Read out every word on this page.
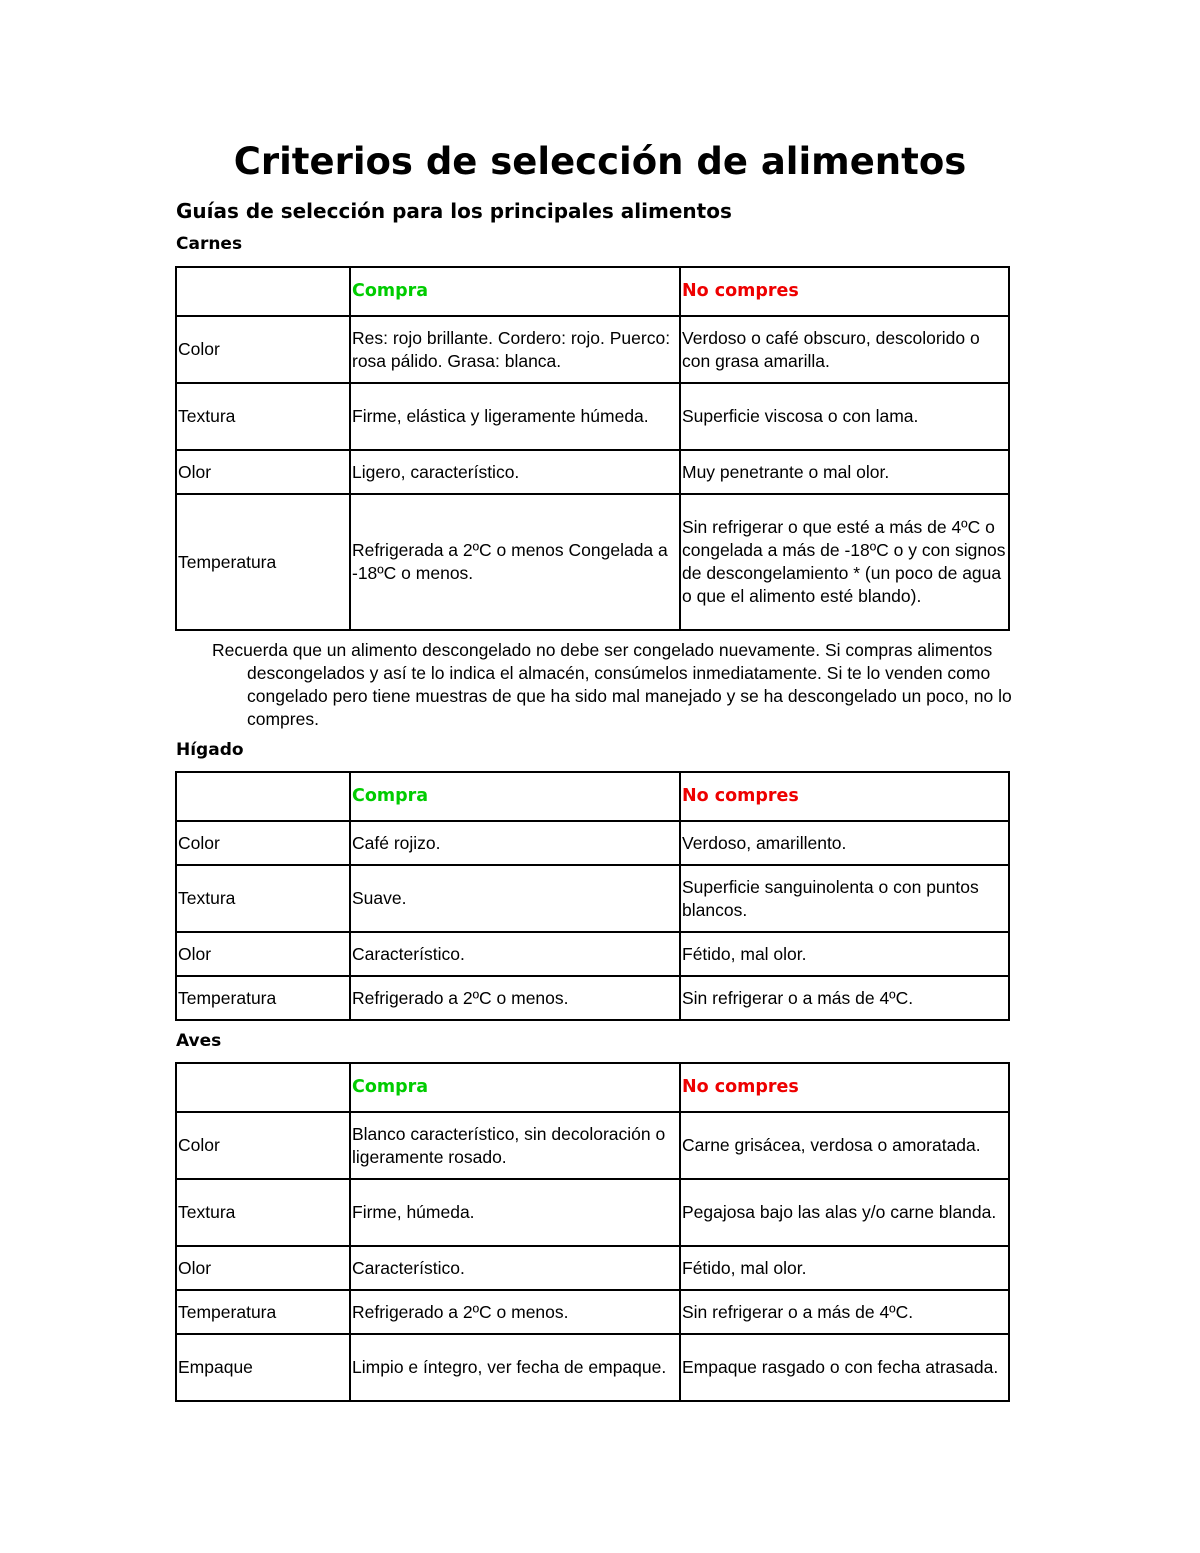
Criterios de selección de alimentos
Guías de selección para los principales alimentos
Carnes
	Compra	No compres
Color	Res: rojo brillante. Cordero: rojo. Puerco: rosa pálido. Grasa: blanca.	Verdoso o café obscuro, descolorido o con grasa amarilla.
Textura	Firme, elástica y ligeramente húmeda.	Superficie viscosa o con lama.
Olor	Ligero, característico.	Muy penetrante o mal olor.
Temperatura	Refrigerada a 2ºC o menos Congelada a -18ºC o menos.	Sin refrigerar o que esté a más de 4ºC o congelada a más de -18ºC o y con signos de descongelamiento * (un poco de agua o que el alimento esté blando).

Recuerda que un alimento descongelado no debe ser congelado nuevamente. Si compras alimentos descongelados y así te lo indica el almacén, consúmelos inmediatamente. Si te lo venden como congelado pero tiene muestras de que ha sido mal manejado y se ha descongelado un poco, no lo compres.

Hígado
	Compra	No compres
Color	Café rojizo.	Verdoso, amarillento.
Textura	Suave.	Superficie sanguinolenta o con puntos blancos.
Olor	Característico.	Fétido, mal olor.
Temperatura	Refrigerado a 2ºC o menos.	Sin refrigerar o a más de 4ºC.
Aves
	Compra	No compres
Color	Blanco característico, sin decoloración o ligeramente rosado.	Carne grisácea, verdosa o amoratada.
Textura	Firme, húmeda.	Pegajosa bajo las alas y/o carne blanda.
Olor	Característico.	Fétido, mal olor.
Temperatura	Refrigerado a 2ºC o menos.	Sin refrigerar o a más de 4ºC.
Empaque	Limpio e íntegro, ver fecha de empaque.	Empaque rasgado o con fecha atrasada.
